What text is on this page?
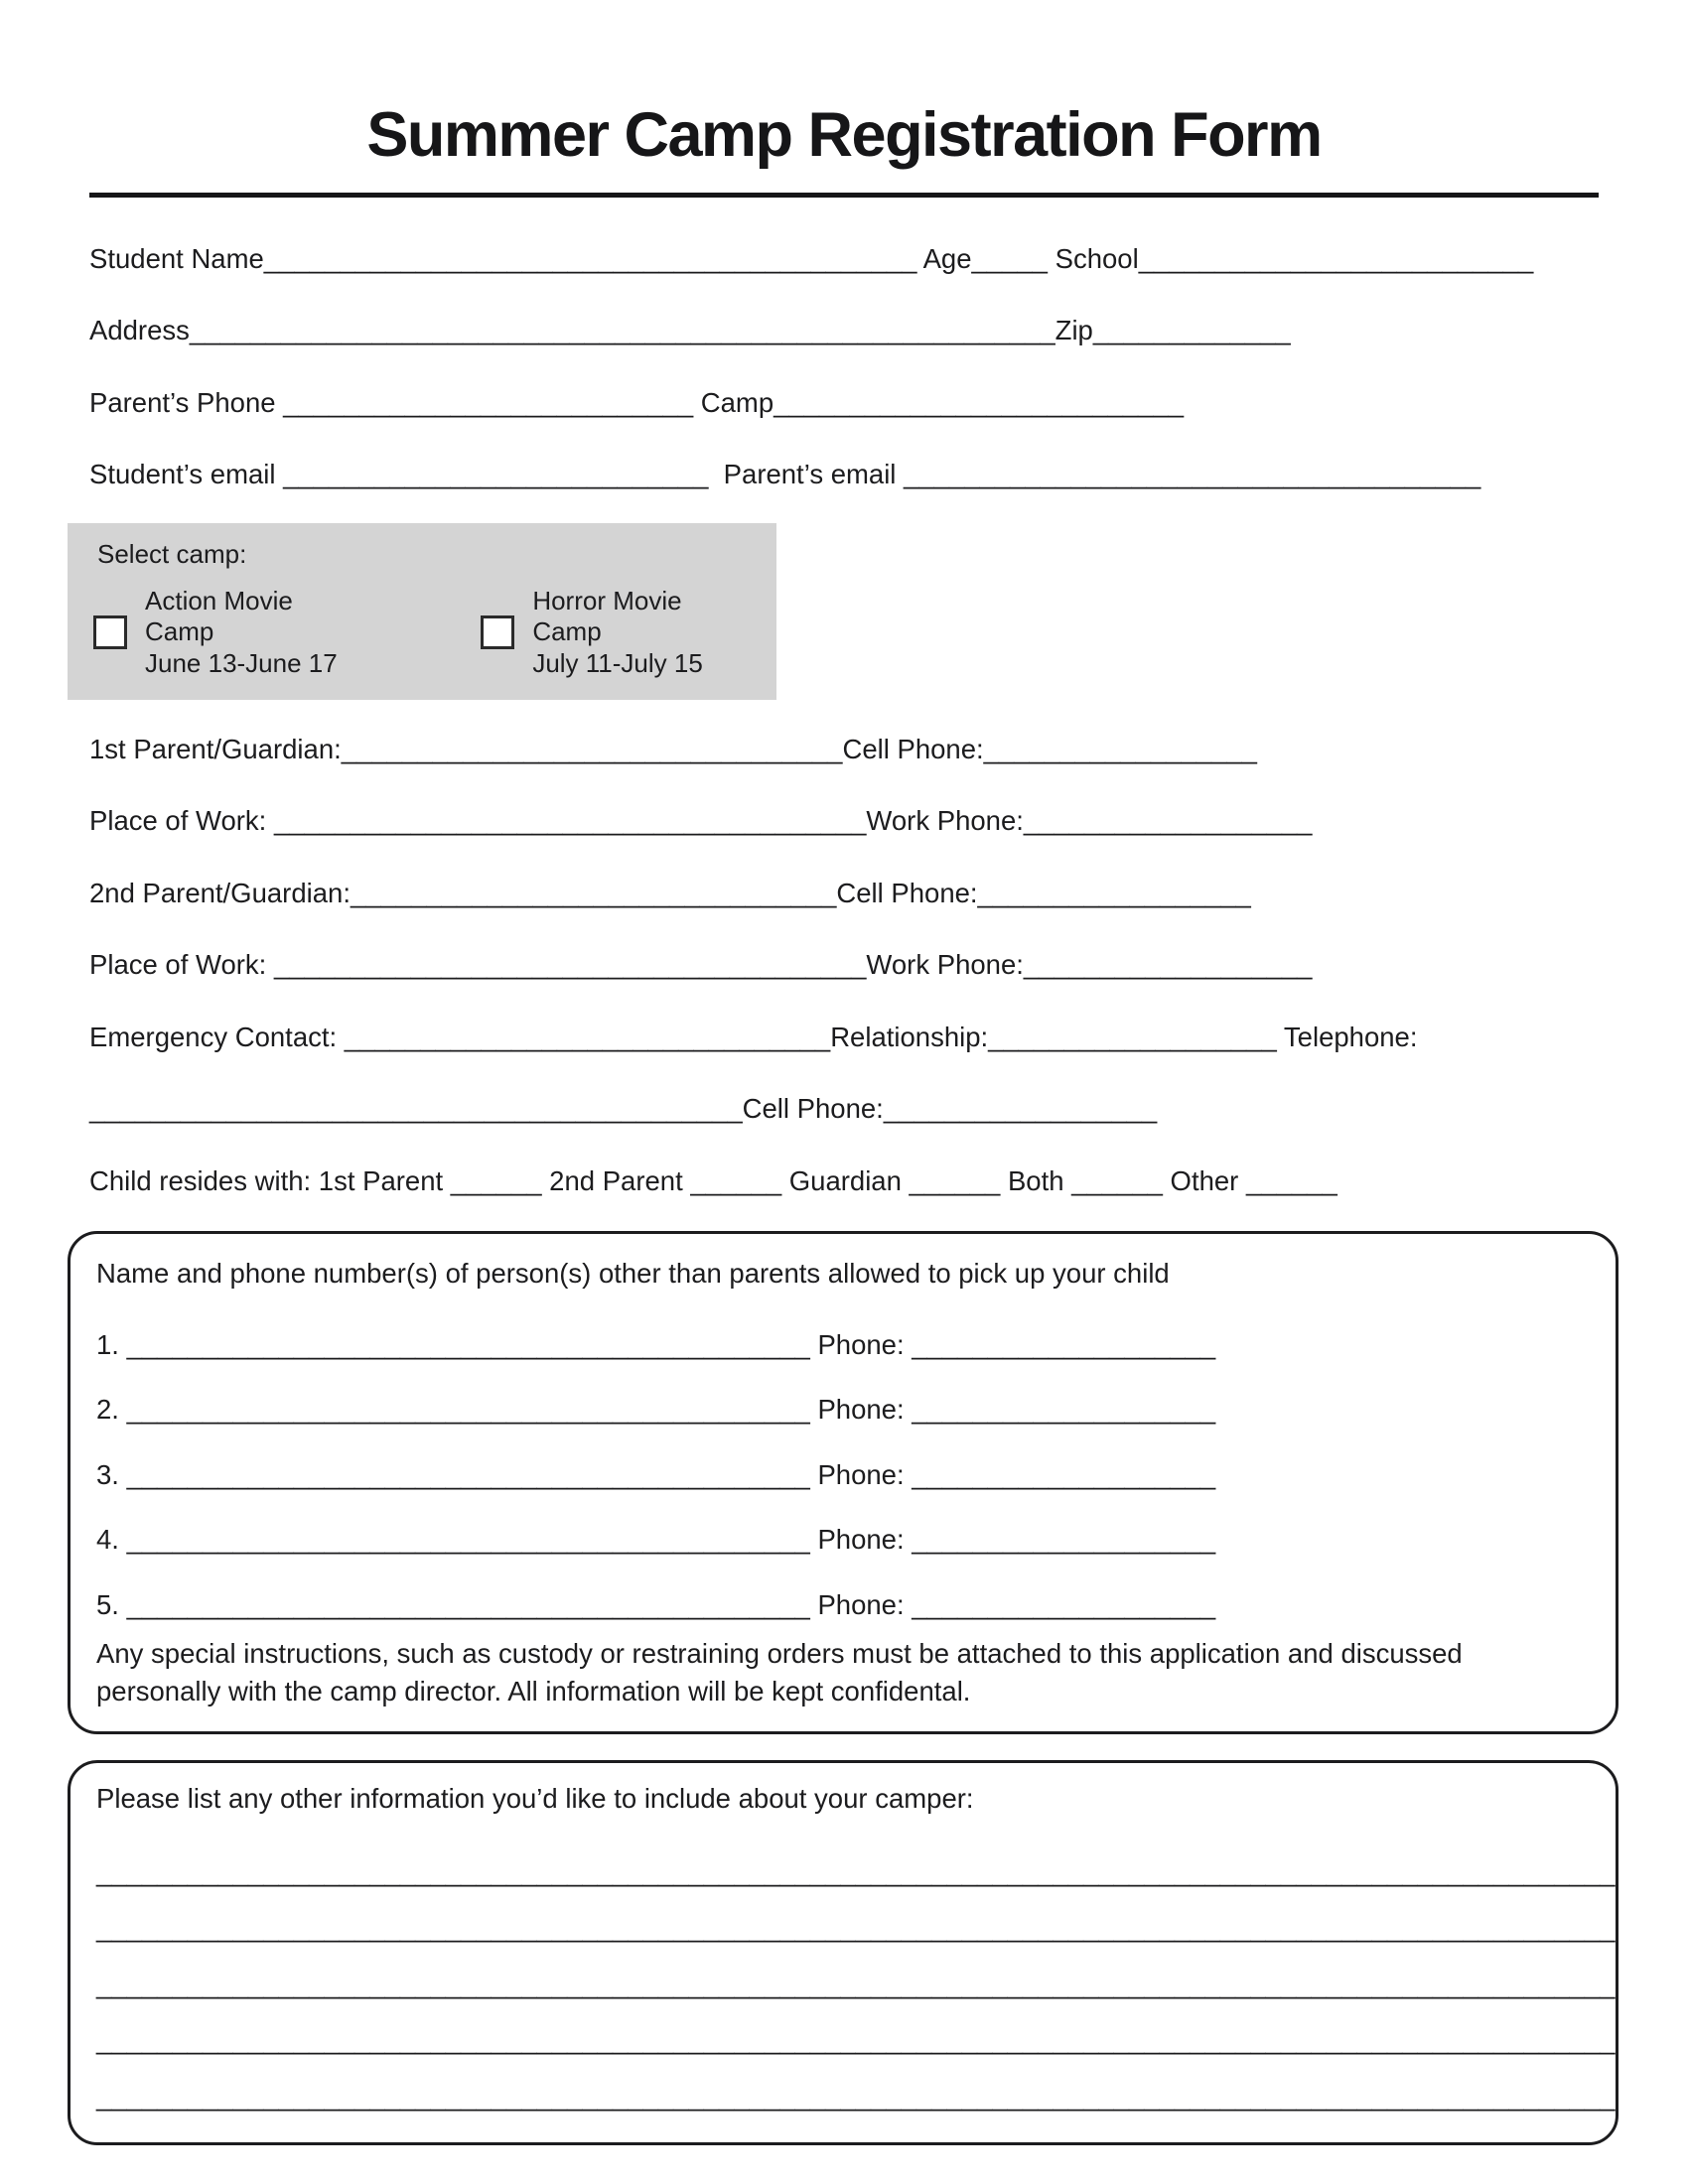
Summer Camp Registration Form
Student Name___________________________________________ Age_____ School__________________________
Address_________________________________________________________Zip_____________
Parent’s Phone ___________________________ Camp___________________________
Student’s email ____________________________  Parent’s email ______________________________________
Select camp:
Action Movie Camp
June 13-June 17
Horror Movie Camp
July 11-July 15
1st Parent/Guardian:_________________________________Cell Phone:__________________
Place of Work: _______________________________________Work Phone:___________________
2nd Parent/Guardian:________________________________Cell Phone:__________________
Place of Work: _______________________________________Work Phone:___________________
Emergency Contact: ________________________________Relationship:___________________ Telephone:
___________________________________________Cell Phone:__________________
Child resides with: 1st Parent ______ 2nd Parent ______ Guardian ______ Both ______ Other ______
Name and phone number(s) of person(s) other than parents allowed to pick up your child
1. _____________________________________________ Phone: ____________________
2. _____________________________________________ Phone: ____________________
3. _____________________________________________ Phone: ____________________
4. _____________________________________________ Phone: ____________________
5. _____________________________________________ Phone: ____________________
Any special instructions, such as custody or restraining orders must be attached to this application and discussed personally with the camp director. All information will be kept confidental.
Please list any other information you’d like to include about your camper:
____________________________________________________________________________________________________
____________________________________________________________________________________________________
____________________________________________________________________________________________________
____________________________________________________________________________________________________
____________________________________________________________________________________________________
